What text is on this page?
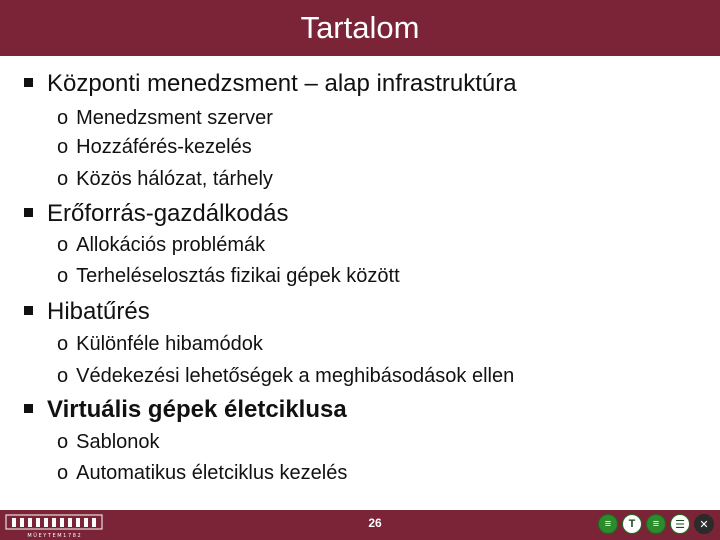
Tartalom
Központi menedzsment – alap infrastruktúra
o Menedzsment szerver
o Hozzáférés-kezelés
o Közös hálózat, tárhely
Erőforrás-gazdálkodás
o Allokációs problémák
o Terheléselosztás fizikai gépek között
Hibatűrés
o Különféle hibamódok
o Védekezési lehetőségek a meghibásodások ellen
Virtuális gépek életciklusa
o Sablonok
o Automatikus életciklus kezelés
M Ű E Y T E M 1 7 8 2
26	≡	T	≡	☰	✕
